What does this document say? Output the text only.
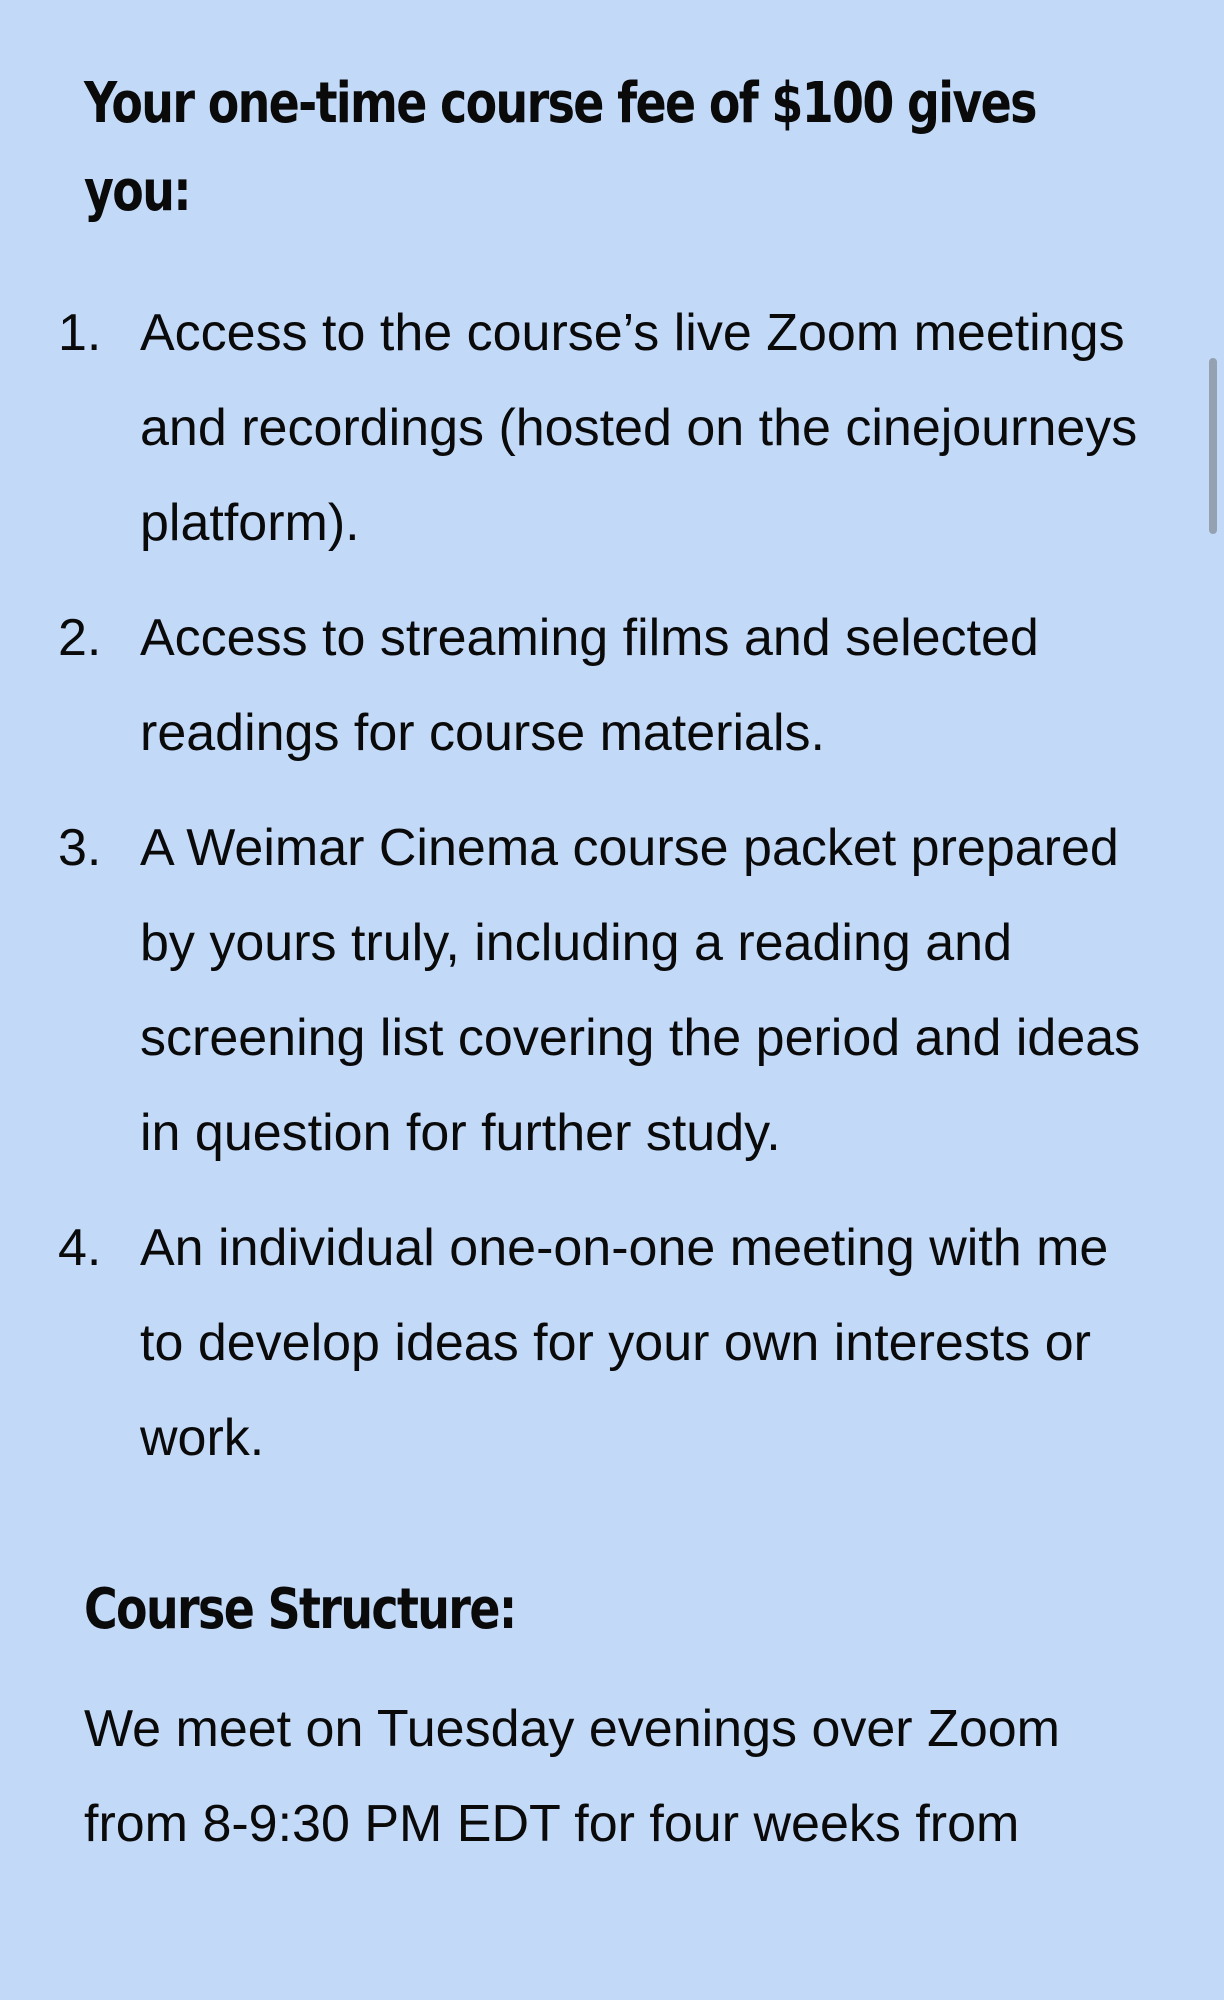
Your one-time course fee of $100 gives you:
1. Access to the course’s live Zoom meetings and recordings (hosted on the cinejourneys platform).
2. Access to streaming films and selected readings for course materials.
3. A Weimar Cinema course packet prepared by yours truly, including a reading and screening list covering the period and ideas in question for further study.
4. An individual one-on-one meeting with me to develop ideas for your own interests or work.
Course Structure:

We meet on Tuesday evenings over Zoom from 8-9:30 PM EDT for four weeks from
